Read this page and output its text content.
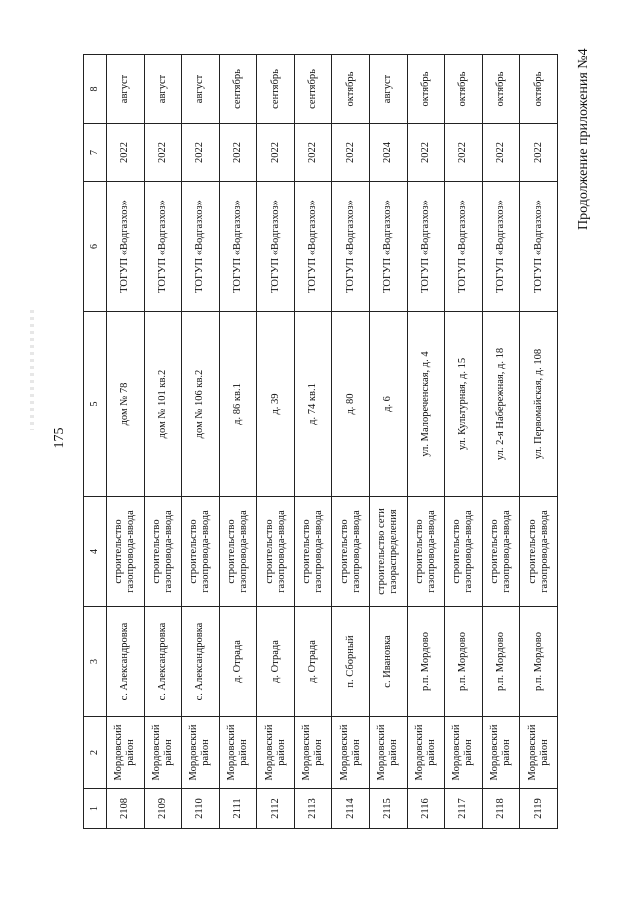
175
Продолжение приложения №4
1	2	3	4	5	6	7	8
2108	Мордовский район	с. Александровка	строительство газопровода-ввода	дом № 78	ТОГУП «Водгазхоз»	2022	август
2109	Мордовский район	с. Александровка	строительство газопровода-ввода	дом № 101 кв.2	ТОГУП «Водгазхоз»	2022	август
2110	Мордовский район	с. Александровка	строительство газопровода-ввода	дом № 106 кв.2	ТОГУП «Водгазхоз»	2022	август
2111	Мордовский район	д. Отрада	строительство газопровода-ввода	д. 86 кв.1	ТОГУП «Водгазхоз»	2022	сентябрь
2112	Мордовский район	д. Отрада	строительство газопровода-ввода	д. 39	ТОГУП «Водгазхоз»	2022	сентябрь
2113	Мордовский район	д. Отрада	строительство газопровода-ввода	д. 74 кв.1	ТОГУП «Водгазхоз»	2022	сентябрь
2114	Мордовский район	п. Сборный	строительство газопровода-ввода	д. 80	ТОГУП «Водгазхоз»	2022	октябрь
2115	Мордовский район	с. Ивановка	строительство сети газораспределения	д. 6	ТОГУП «Водгазхоз»	2024	август
2116	Мордовский район	р.п. Мордово	строительство газопровода-ввода	ул. Малореченская, д. 4	ТОГУП «Водгазхоз»	2022	октябрь
2117	Мордовский район	р.п. Мордово	строительство газопровода-ввода	ул. Культурная, д. 15	ТОГУП «Водгазхоз»	2022	октябрь
2118	Мордовский район	р.п. Мордово	строительство газопровода-ввода	ул. 2-я Набережная, д. 18	ТОГУП «Водгазхоз»	2022	октябрь
2119	Мордовский район	р.п. Мордово	строительство газопровода-ввода	ул. Первомайская, д. 108	ТОГУП «Водгазхоз»	2022	октябрь
